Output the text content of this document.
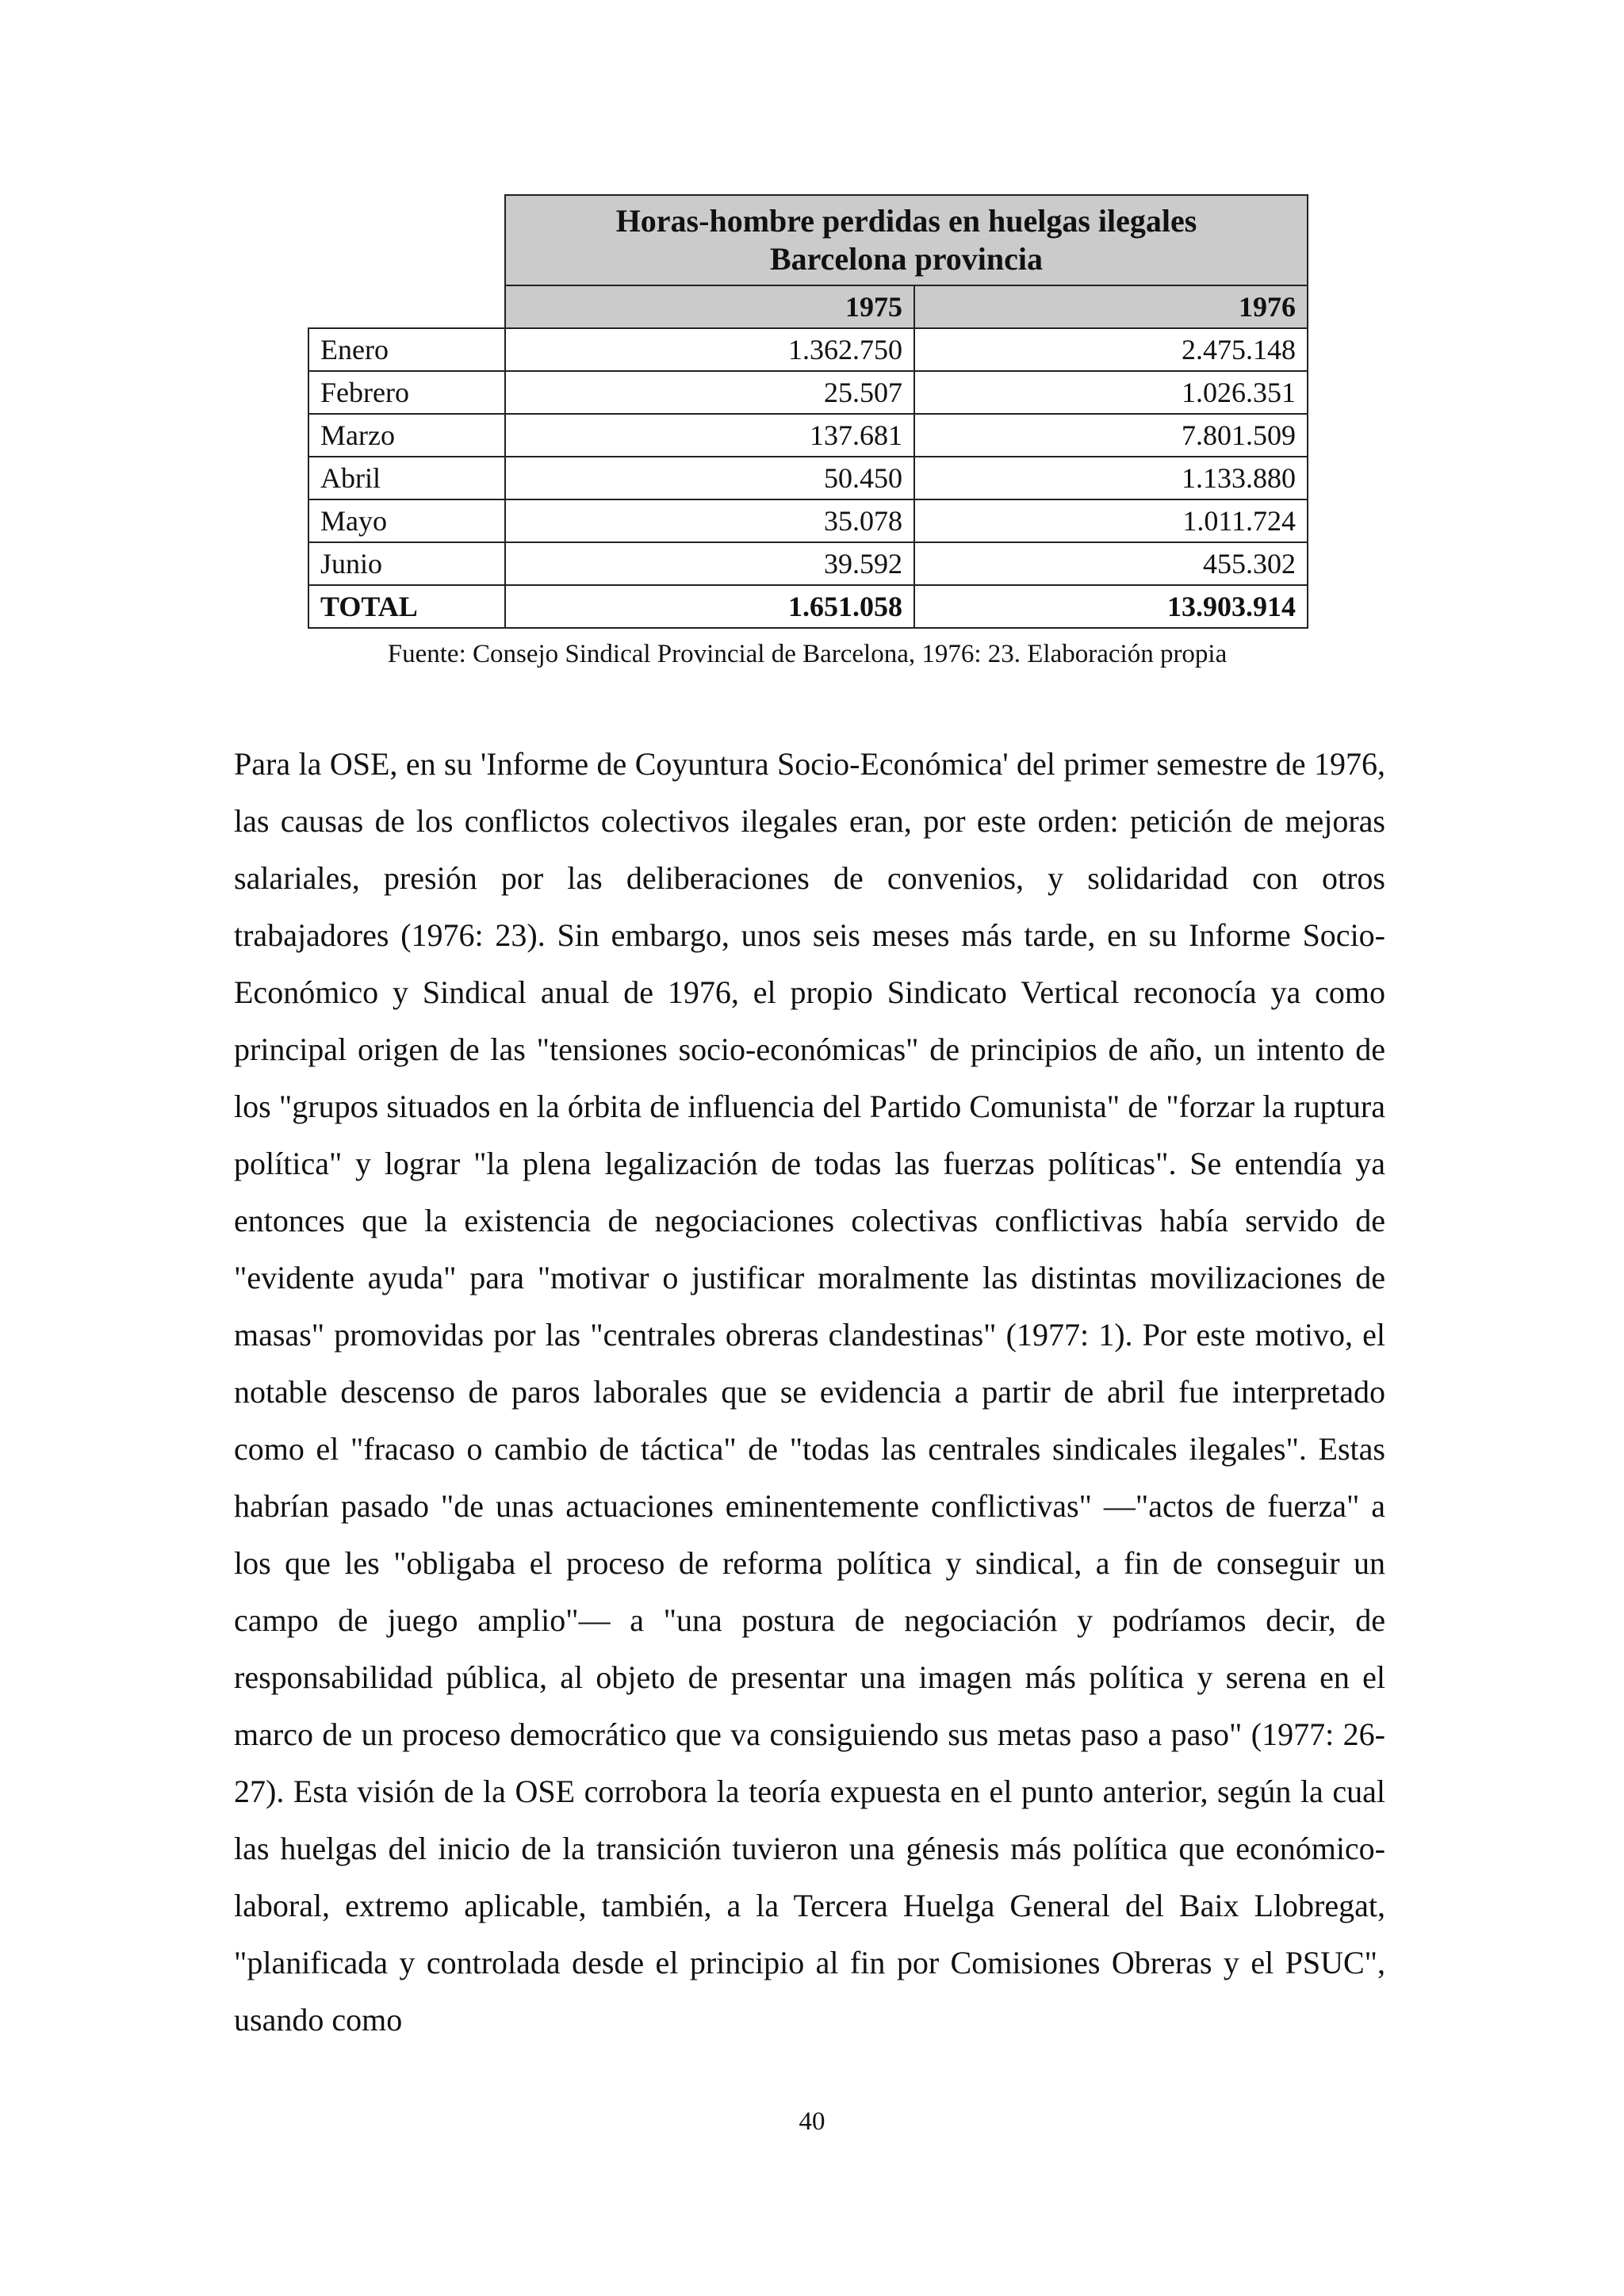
	Horas-hombre perdidas en huelgas ilegales
Barcelona provincia	

	1975	1976
Enero	1.362.750	2.475.148
Febrero	25.507	1.026.351
Marzo	137.681	7.801.509
Abril	50.450	1.133.880
Mayo	35.078	1.011.724
Junio	39.592	455.302
TOTAL	1.651.058	13.903.914
Fuente: Consejo Sindical Provincial de Barcelona, 1976: 23. Elaboración propia

Para la OSE, en su 'Informe de Coyuntura Socio-Económica' del primer semestre de 1976, las causas de los conflictos colectivos ilegales eran, por este orden: petición de mejoras salariales, presión por las deliberaciones de convenios, y solidaridad con otros trabajadores (1976: 23). Sin embargo, unos seis meses más tarde, en su Informe Socio-Económico y Sindical anual de 1976, el propio Sindicato Vertical reconocía ya como principal origen de las "tensiones socio-económicas" de principios de año, un intento de los "grupos situados en la órbita de influencia del Partido Comunista" de "forzar la ruptura política" y lograr "la plena legalización de todas las fuerzas políticas". Se entendía ya entonces que la existencia de negociaciones colectivas conflictivas había servido de "evidente ayuda" para "motivar o justificar moralmente las distintas movilizaciones de masas" promovidas por las "centrales obreras clandestinas" (1977: 1). Por este motivo, el notable descenso de paros laborales que se evidencia a partir de abril fue interpretado como el "fracaso o cambio de táctica" de "todas las centrales sindicales ilegales". Estas habrían pasado "de unas actuaciones eminentemente conflictivas" —"actos de fuerza" a los que les "obligaba el proceso de reforma política y sindical, a fin de conseguir un campo de juego amplio"— a "una postura de negociación y podríamos decir, de responsabilidad pública, al objeto de presentar una imagen más política y serena en el marco de un proceso democrático que va consiguiendo sus metas paso a paso" (1977: 26-27). Esta visión de la OSE corrobora la teoría expuesta en el punto anterior, según la cual las huelgas del inicio de la transición tuvieron una génesis más política que económico-laboral, extremo aplicable, también, a la Tercera Huelga General del Baix Llobregat, "planificada y controlada desde el principio al fin por Comisiones Obreras y el PSUC", usando como

40
